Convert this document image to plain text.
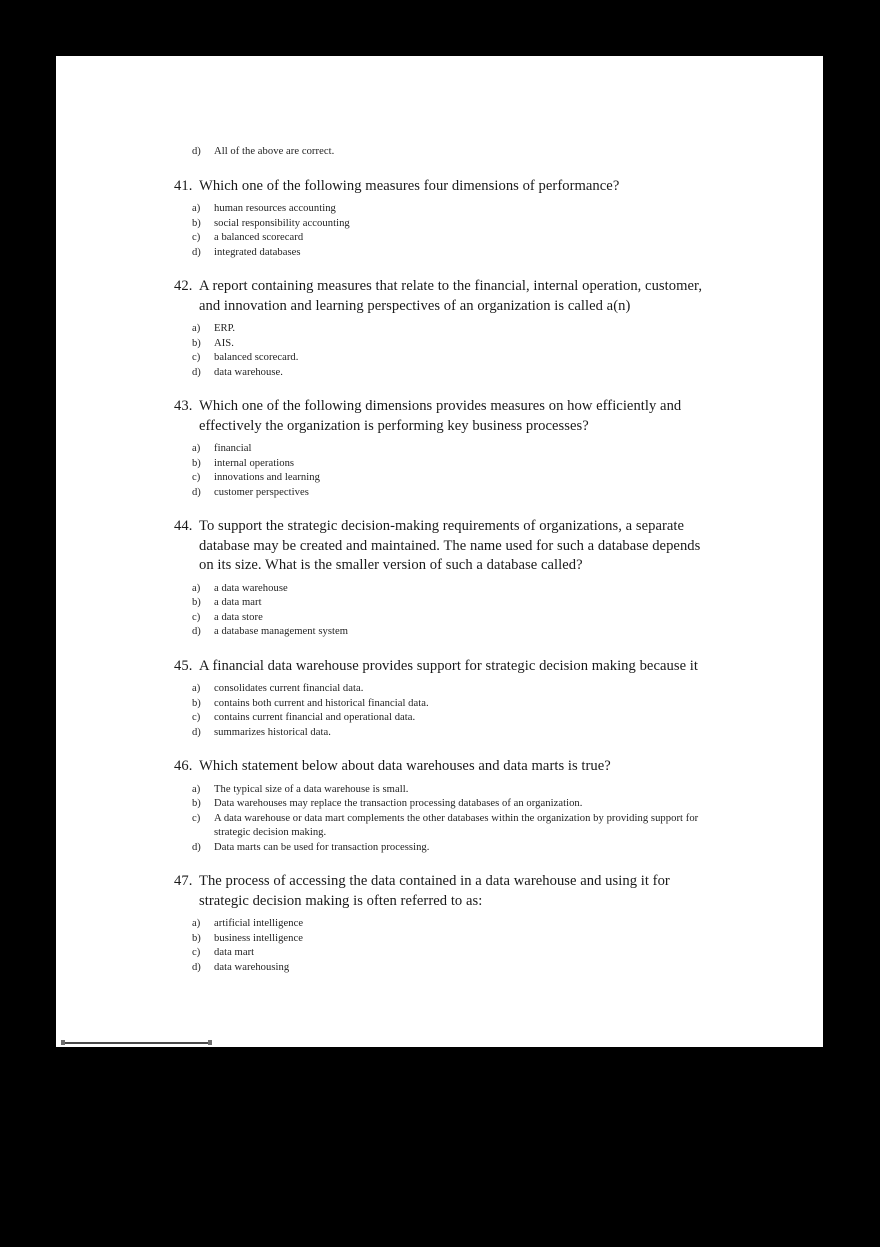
d)	All of the above are correct.
41. Which one of the following measures four dimensions of performance?
a)	human resources accounting
b)	social responsibility accounting
c)	a balanced scorecard
d)	integrated databases
42. A report containing measures that relate to the financial, internal operation, customer, and innovation and learning perspectives of an organization is called a(n)
a)	ERP.
b)	AIS.
c)	balanced scorecard.
d)	data warehouse.
43. Which one of the following dimensions provides measures on how efficiently and effectively the organization is performing key business processes?
a)	financial
b)	internal operations
c)	innovations and learning
d)	customer perspectives
44. To support the strategic decision-making requirements of organizations, a separate database may be created and maintained. The name used for such a database depends on its size. What is the smaller version of such a database called?
a)	a data warehouse
b)	a data mart
c)	a data store
d)	a database management system
45. A financial data warehouse provides support for strategic decision making because it
a)	consolidates current financial data.
b)	contains both current and historical financial data.
c)	contains current financial and operational data.
d)	summarizes historical data.
46. Which statement below about data warehouses and data marts is true?
a)	The typical size of a data warehouse is small.
b)	Data warehouses may replace the transaction processing databases of an organization.
c)	A data warehouse or data mart complements the other databases within the organization by providing support for strategic decision making.
d)	Data marts can be used for transaction processing.
47. The process of accessing the data contained in a data warehouse and using it for strategic decision making is often referred to as:
a)	artificial intelligence
b)	business intelligence
c)	data mart
d)	data warehousing
